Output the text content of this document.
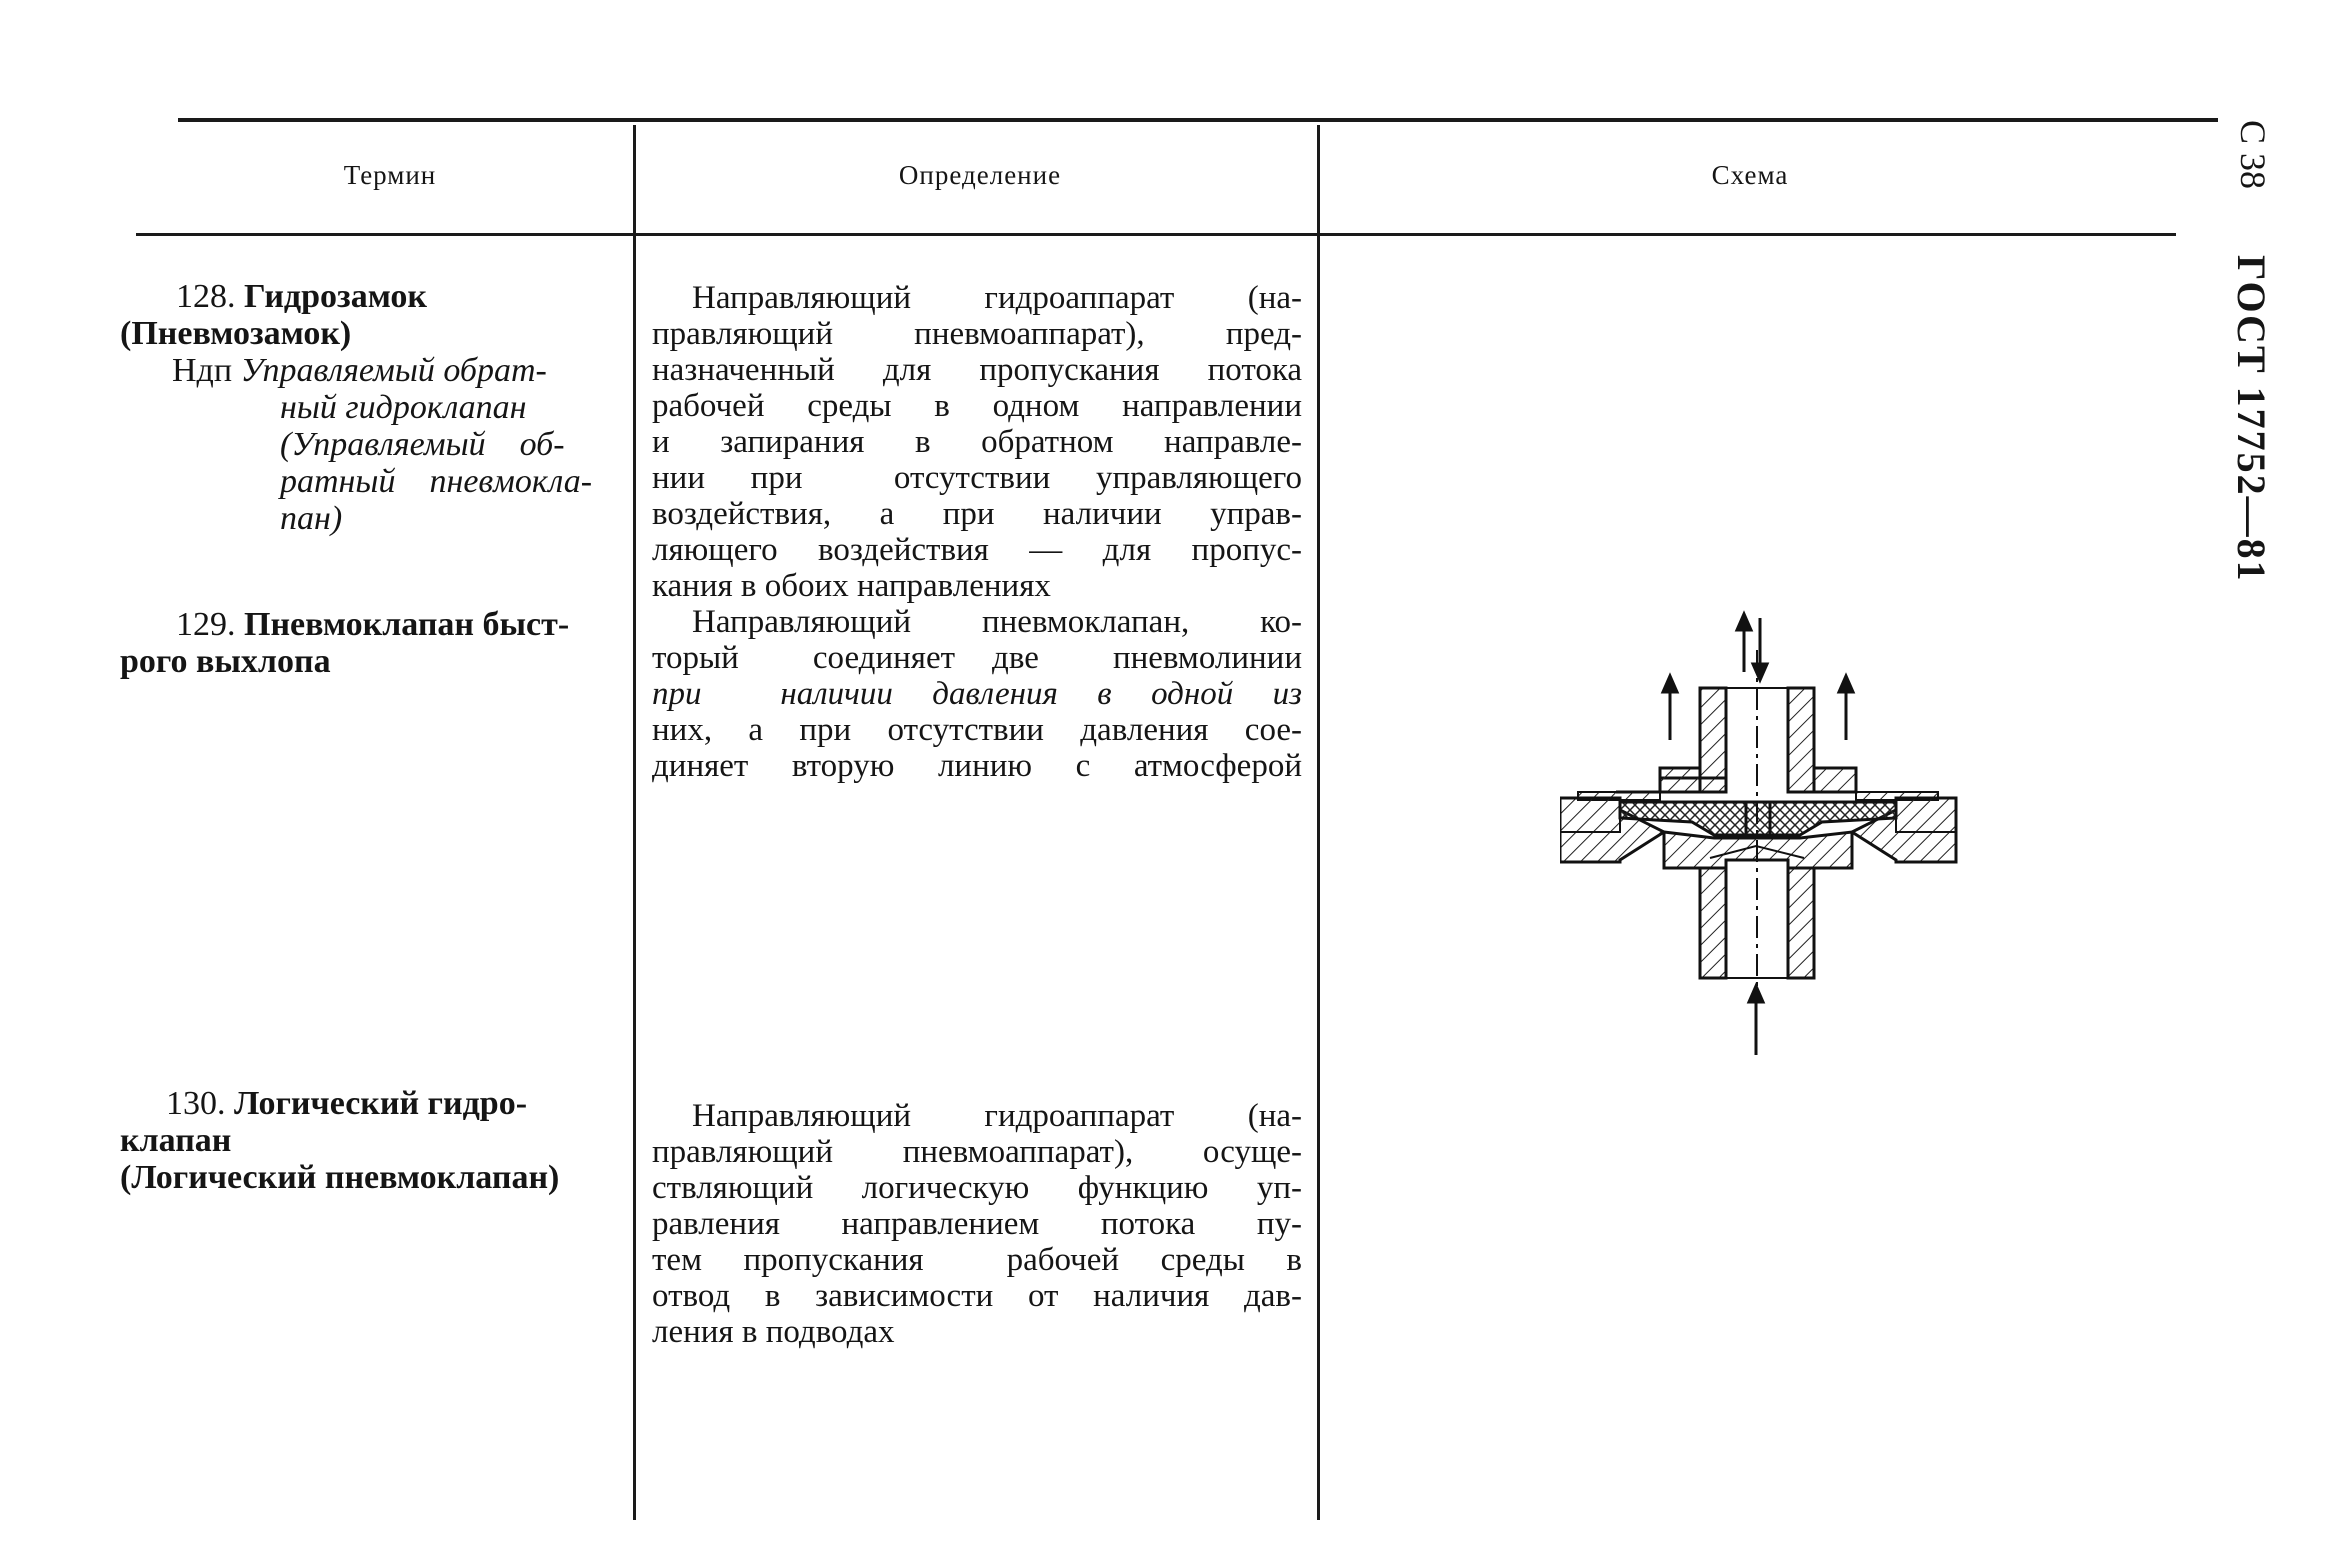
С 38
ГОСТ 17752—81
Термин	Определение	Схема
128. Гидрозамок
(Пневмозамок)
Ндп Управляемый обрат-
ный гидроклапан
(Управляемый    об-
ратный    пневмокла-
пан)
Направляющий гидроаппарат (на-
правляющий пневмоаппарат), пред-
назначенный для пропускания потока
рабочей среды в одном направлении
и запирания в обратном направле-
нии при  отсутствии управляющего
воздействия, а при наличии управ-
ляющего воздействия — для пропус-
кания в обоих направлениях
129. Пневмоклапан быст-
рого выхлопа
Направляющий пневмоклапан, ко-
торый  соединяет две  пневмолинии
при  наличии давления в одной из
них, а при отсутствии давления сое-
диняет вторую линию с атмосферой
130. Логический гидро-
клапан
(Логический пневмоклапан)
Направляющий гидроаппарат (на-
правляющий пневмоаппарат), осуще-
ствляющий логическую функцию уп-
равления направлением потока пу-
тем пропускания  рабочей среды в
отвод в зависимости от наличия дав-
ления в подводах
